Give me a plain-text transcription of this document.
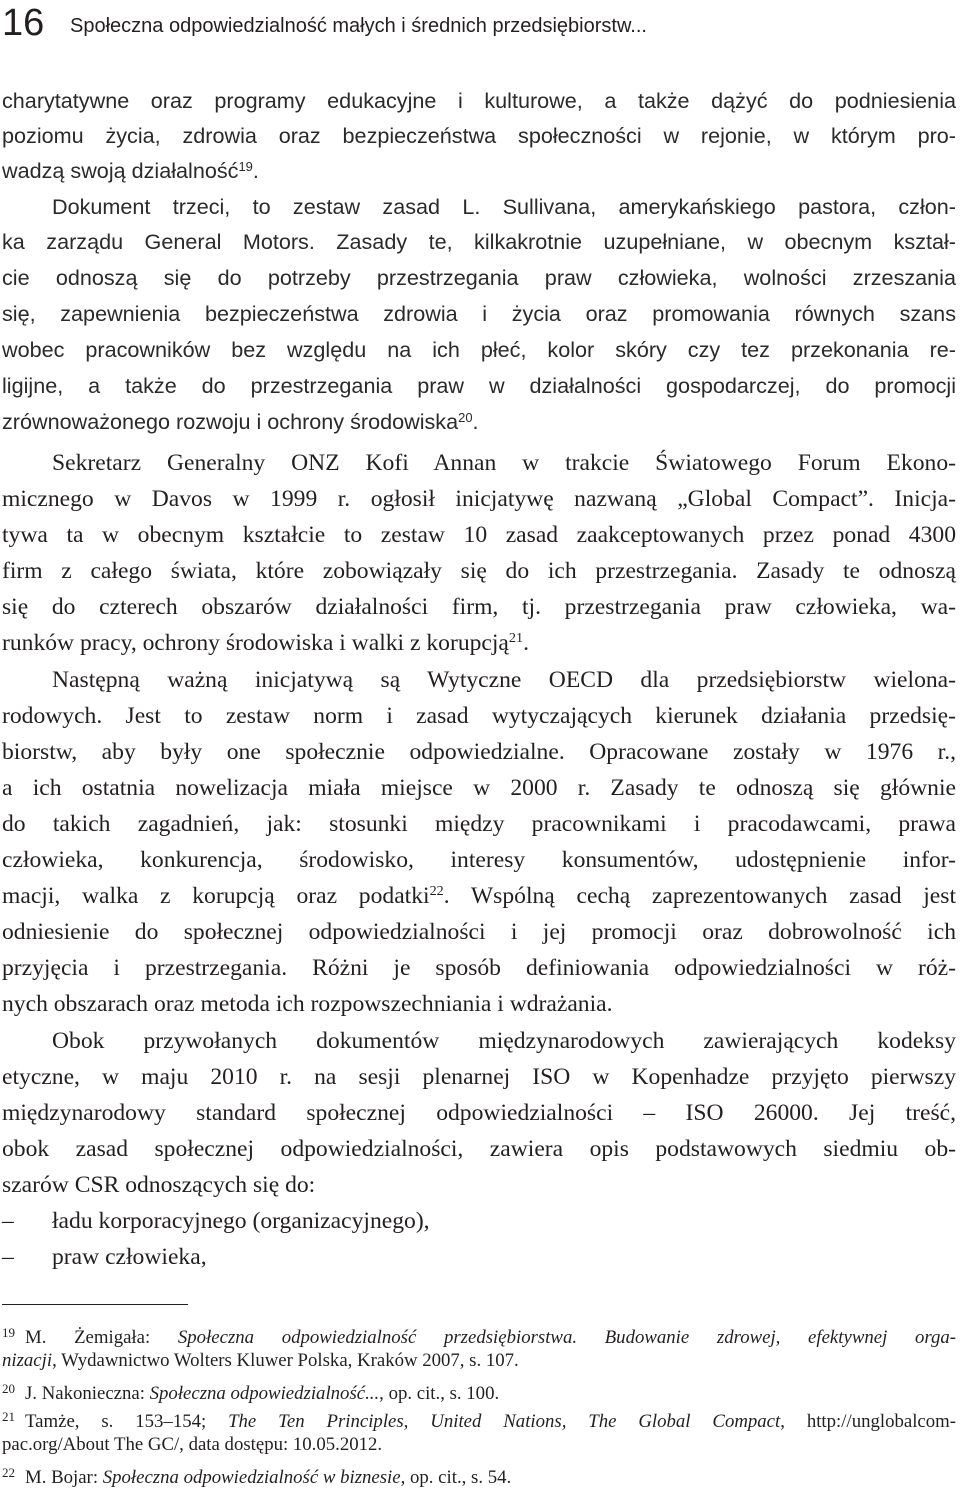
16 Społeczna odpowiedzialność małych i średnich przedsiębiorstw...
charytatywne oraz programy edukacyjne i kulturowe, a także dążyć do podniesienia
poziomu życia, zdrowia oraz bezpieczeństwa społeczności w rejonie, w którym pro-
wadzą swoją działalność$^{19}$.
Dokument trzeci, to zestaw zasad L. Sullivana, amerykańskiego pastora, człon-
ka zarządu General Motors. Zasady te, kilkakrotnie uzupełniane, w obecnym kształ-
cie odnoszą się do potrzeby przestrzegania praw człowieka, wolności zrzeszania
się, zapewnienia bezpieczeństwa zdrowia i życia oraz promowania równych szans
wobec pracowników bez względu na ich płeć, kolor skóry czy tez przekonania re-
ligijne, a także do przestrzegania praw w działalności gospodarczej, do promocji
zrównoważonego rozwoju i ochrony środowiska$^{20}$.
Sekretarz Generalny ONZ Kofi Annan w trakcie Światowego Forum Ekono-
micznego w Davos w 1999 r. ogłosił inicjatywę nazwaną „Global Compact”. Inicja-
tywa ta w obecnym kształcie to zestaw 10 zasad zaakceptowanych przez ponad 4300
firm z całego świata, które zobowiązały się do ich przestrzegania. Zasady te odnoszą
się do czterech obszarów działalności firm, tj. przestrzegania praw człowieka, wa-
runków pracy, ochrony środowiska i walki z korupcją$^{21}$.
Następną ważną inicjatywą są Wytyczne OECD dla przedsiębiorstw wielona-
rodowych. Jest to zestaw norm i zasad wytyczających kierunek działania przedsię-
biorstw, aby były one społecznie odpowiedzialne. Opracowane zostały w 1976 r.,
a ich ostatnia nowelizacja miała miejsce w 2000 r. Zasady te odnoszą się głównie
do takich zagadnień, jak: stosunki między pracownikami i pracodawcami, prawa
człowieka, konkurencja, środowisko, interesy konsumentów, udostępnienie infor-
macji, walka z korupcją oraz podatki$^{22}$. Wspólną cechą zaprezentowanych zasad jest
odniesienie do społecznej odpowiedzialności i jej promocji oraz dobrowolność ich
przyjęcia i przestrzegania. Różni je sposób definiowania odpowiedzialności w róż-
nych obszarach oraz metoda ich rozpowszechniania i wdrażania.
Obok przywołanych dokumentów międzynarodowych zawierających kodeksy
etyczne, w maju 2010 r. na sesji plenarnej ISO w Kopenhadze przyjęto pierwszy
międzynarodowy standard społecznej odpowiedzialności – ISO 26000. Jej treść,
obok zasad społecznej odpowiedzialności, zawiera opis podstawowych siedmiu ob-
szarów CSR odnoszących się do:
– ładu korporacyjnego (organizacyjnego),
– praw człowieka,
$^{19}$ M. Żemigała: Społeczna odpowiedzialność przedsiębiorstwa. Budowanie zdrowej, efektywnej orga-
nizacji, Wydawnictwo Wolters Kluwer Polska, Kraków 2007, s. 107.
$^{20}$ J. Nakonieczna: Społeczna odpowiedzialność..., op. cit., s. 100.
$^{21}$ Tamże, s. 153–154; The Ten Principles, United Nations, The Global Compact, http://unglobalcom-
pac.org/About The GC/, data dostępu: 10.05.2012.
$^{22}$ M. Bojar: Społeczna odpowiedzialność w biznesie, op. cit., s. 54.
